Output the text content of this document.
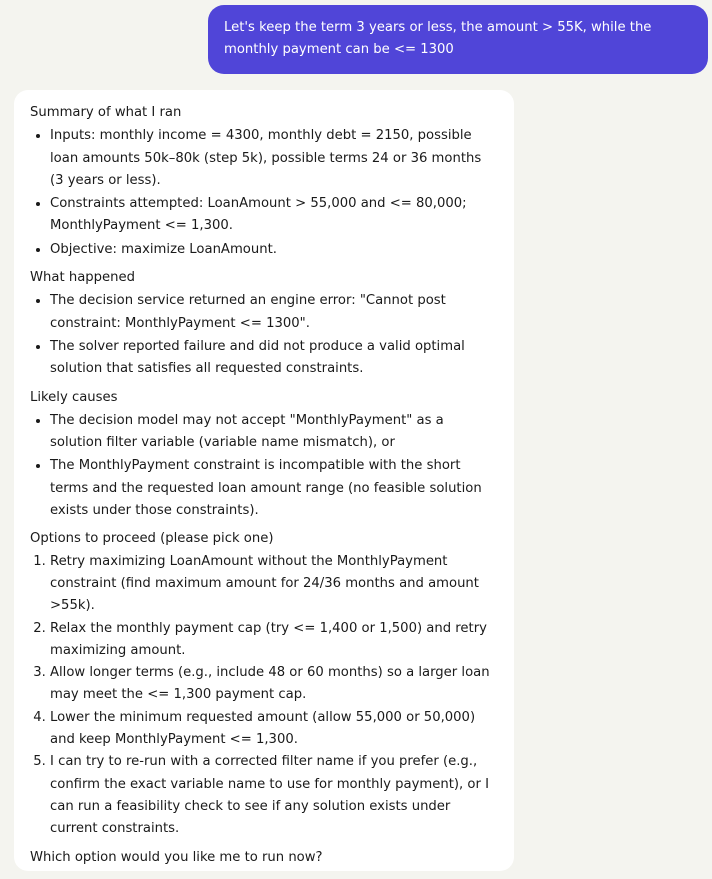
Let's keep the term 3 years or less, the amount > 55K, while the monthly payment can be <= 1300

Summary of what I ran

• Inputs: monthly income = 4300, monthly debt = 2150, possible loan amounts 50k–80k (step 5k), possible terms 24 or 36 months (3 years or less).
• Constraints attempted: LoanAmount > 55,000 and <= 80,000; MonthlyPayment <= 1,300.
• Objective: maximize LoanAmount.

What happened

• The decision service returned an engine error: "Cannot post constraint: MonthlyPayment <= 1300".
• The solver reported failure and did not produce a valid optimal solution that satisfies all requested constraints.

Likely causes

• The decision model may not accept "MonthlyPayment" as a solution filter variable (variable name mismatch), or
• The MonthlyPayment constraint is incompatible with the short terms and the requested loan amount range (no feasible solution exists under those constraints).

Options to proceed (please pick one)

1. Retry maximizing LoanAmount without the MonthlyPayment constraint (find maximum amount for 24/36 months and amount >55k).
2. Relax the monthly payment cap (try <= 1,400 or 1,500) and retry maximizing amount.
3. Allow longer terms (e.g., include 48 or 60 months) so a larger loan may meet the <= 1,300 payment cap.
4. Lower the minimum requested amount (allow 55,000 or 50,000) and keep MonthlyPayment <= 1,300.
5. I can try to re-run with a corrected filter name if you prefer (e.g., confirm the exact variable name to use for monthly payment), or I can run a feasibility check to see if any solution exists under current constraints.

Which option would you like me to run now?
